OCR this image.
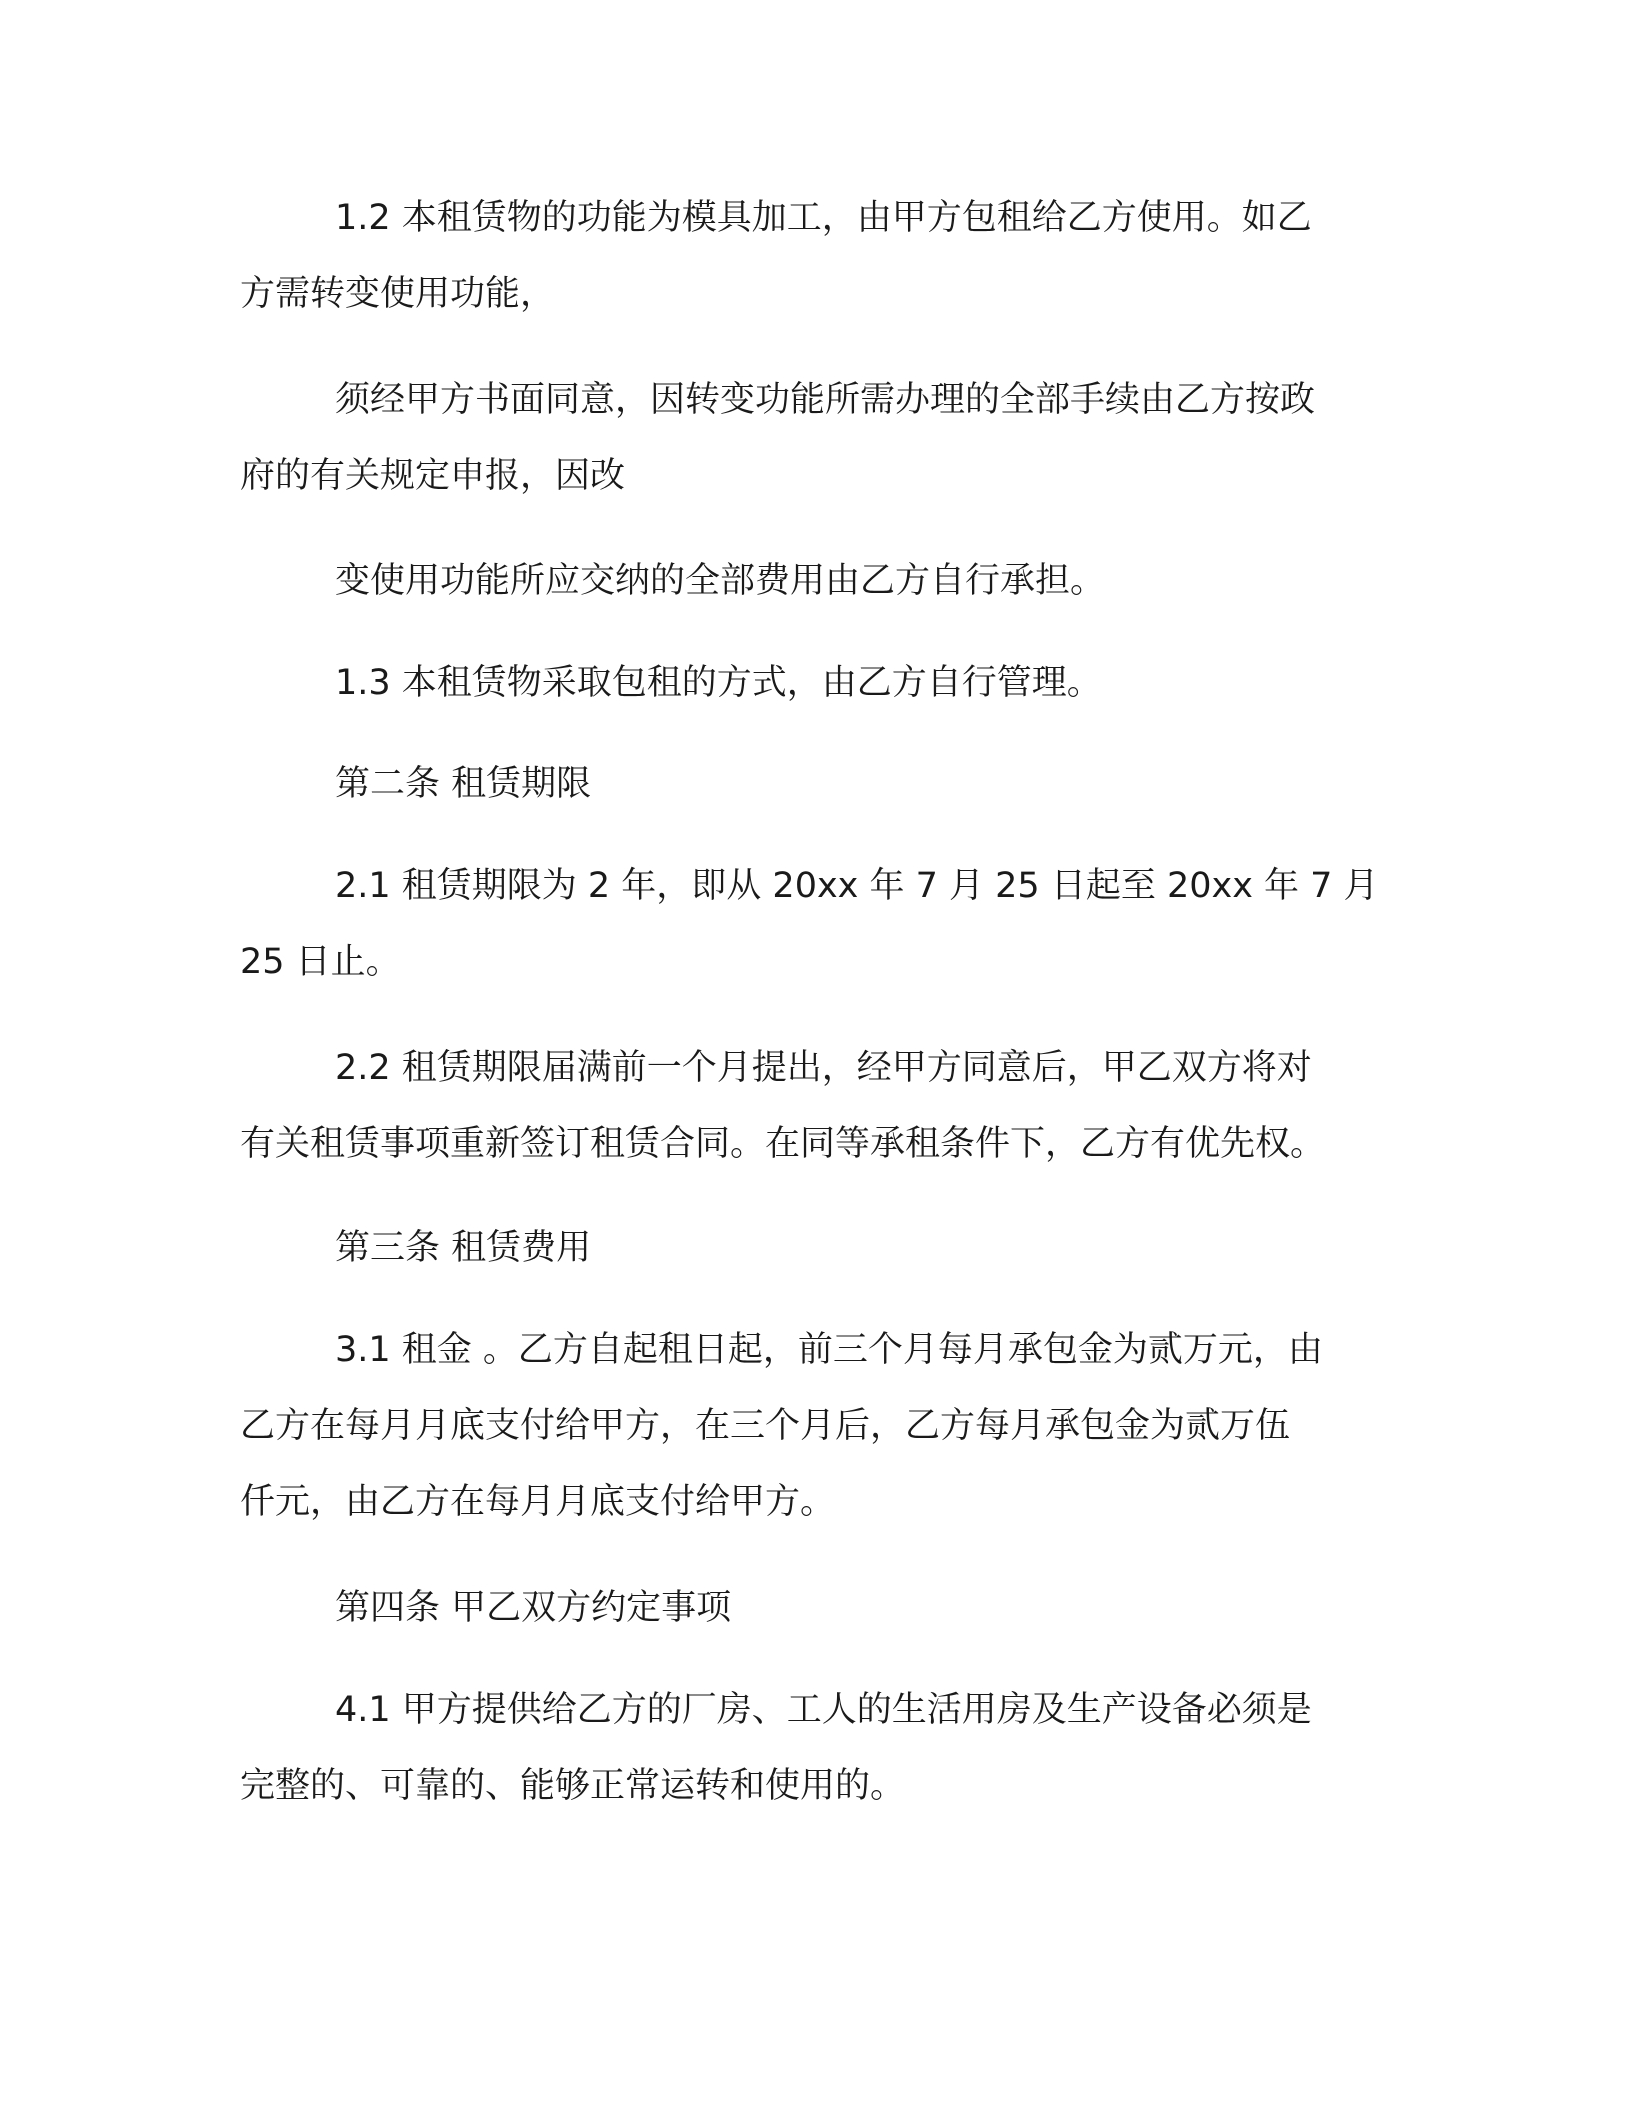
1.2 本租赁物的功能为模具加工，由甲方包租给乙方使用。如乙
方需转变使用功能，
须经甲方书面同意，因转变功能所需办理的全部手续由乙方按政
府的有关规定申报，因改
变使用功能所应交纳的全部费用由乙方自行承担。
1.3 本租赁物采取包租的方式，由乙方自行管理。
第二条 租赁期限
2.1 租赁期限为 2 年，即从 20xx 年 7 月 25 日起至 20xx 年 7 月
25 日止。
2.2 租赁期限届满前一个月提出，经甲方同意后，甲乙双方将对
有关租赁事项重新签订租赁合同。在同等承租条件下，乙方有优先权。
第三条 租赁费用
3.1 租金 。乙方自起租日起，前三个月每月承包金为贰万元，由
乙方在每月月底支付给甲方，在三个月后，乙方每月承包金为贰万伍
仟元，由乙方在每月月底支付给甲方。
第四条 甲乙双方约定事项
4.1 甲方提供给乙方的厂房、工人的生活用房及生产设备必须是
完整的、可靠的、能够正常运转和使用的。
